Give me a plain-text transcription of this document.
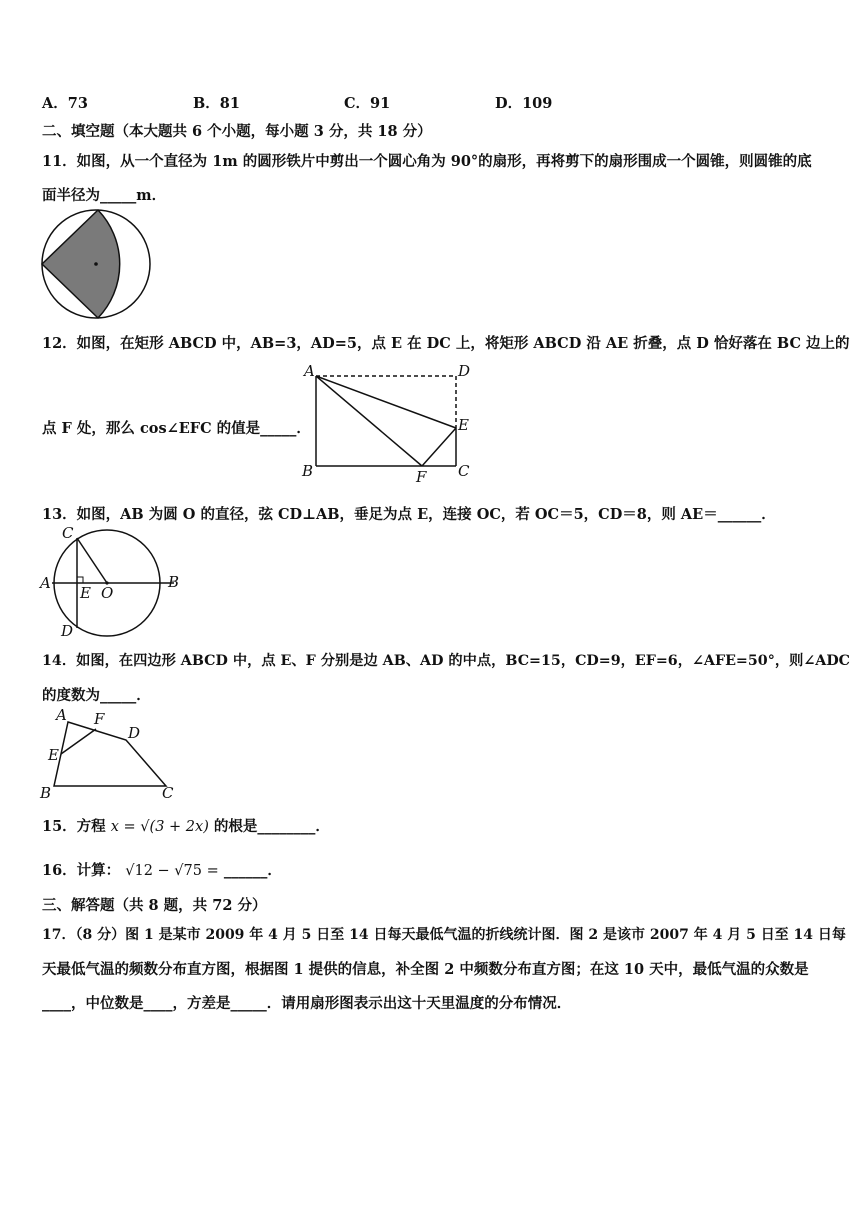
A．73	B．81	C．91	D．109
二、填空题（本大题共 6 个小题，每小题 3 分，共 18 分）
11．如图，从一个直径为 1m 的圆形铁片中剪出一个圆心角为 90°的扇形，再将剪下的扇形围成一个圆锥，则圆锥的底
面半径为_____m．
12．如图，在矩形 ABCD 中，AB=3，AD=5，点 E 在 DC 上，将矩形 ABCD 沿 AE 折叠，点 D 恰好落在 BC 边上的
点 F 处，那么 cos∠EFC 的值是_____．
A	D
E
B	F C
13．如图，AB 为圆 O 的直径，弦 CD⊥AB，垂足为点 E，连接 OC，若 OC＝5，CD＝8，则 AE＝______．
C
A
E O
B
D
14．如图，在四边形 ABCD 中，点 E、F 分别是边 AB、AD 的中点，BC=15，CD=9，EF=6，∠AFE=50°，则∠ADC
的度数为_____．
A F
D
E
B	C
15．方程 x = √(3 + 2x) 的根是________．
16．计算： √12 − √75 = ______．
三、解答题（共 8 题，共 72 分）
17．（8 分）图 1 是某市 2009 年 4 月 5 日至 14 日每天最低气温的折线统计图．图 2 是该市 2007 年 4 月 5 日至 14 日每
天最低气温的频数分布直方图，根据图 1 提供的信息，补全图 2 中频数分布直方图；在这 10 天中，最低气温的众数是
____，中位数是____，方差是_____．请用扇形图表示出这十天里温度的分布情况．
